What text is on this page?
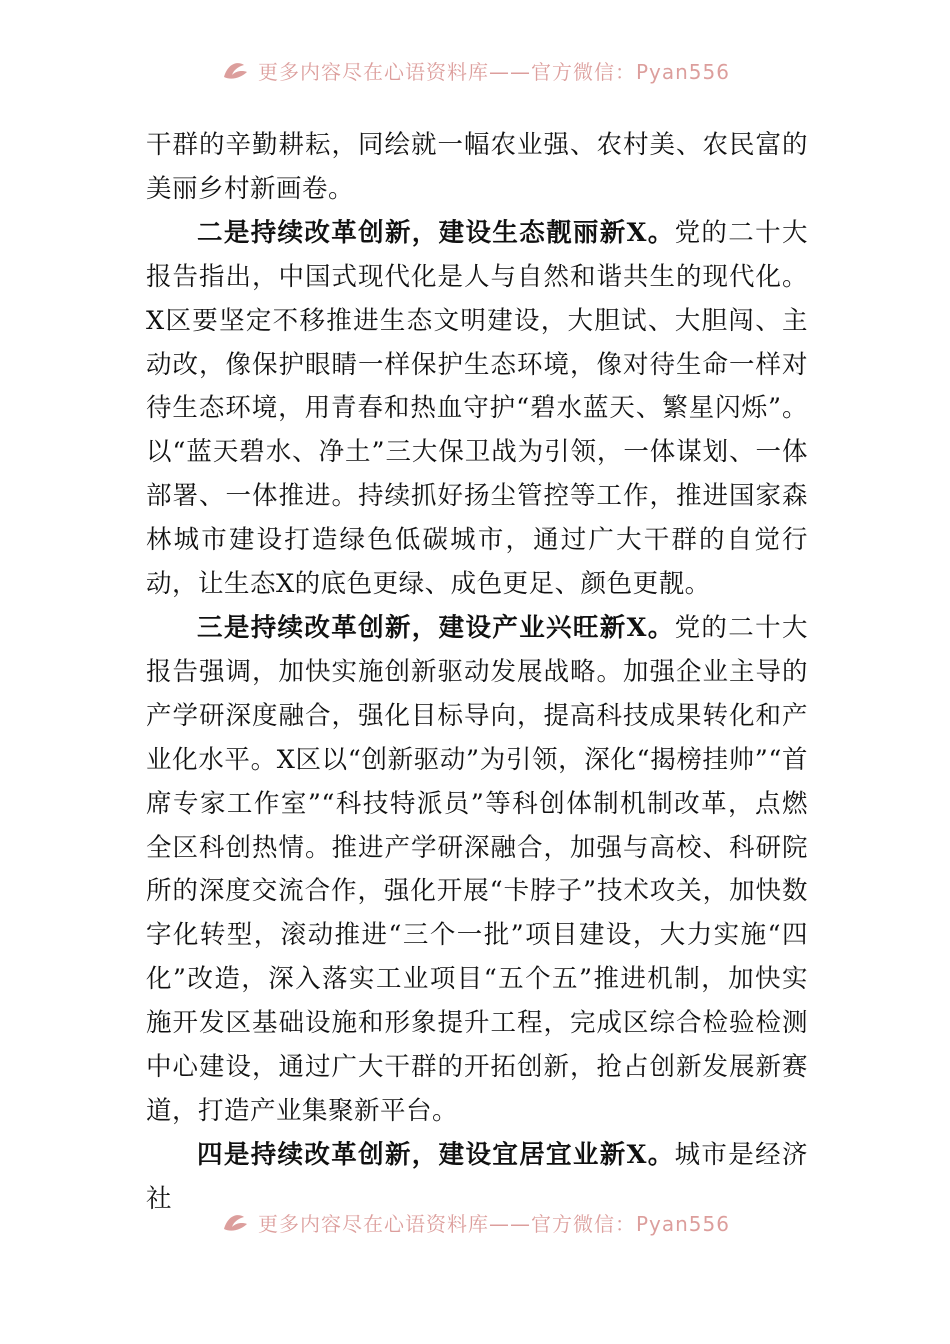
更多内容尽在心语资料库——官方微信：Pyan556

干群的辛勤耕耘，同绘就一幅农业强、农村美、农民富的美丽乡村新画卷。

二是持续改革创新，建设生态靓丽新X。党的二十大报告指出，中国式现代化是人与自然和谐共生的现代化。X区要坚定不移推进生态文明建设，大胆试、大胆闯、主动改，像保护眼睛一样保护生态环境，像对待生命一样对待生态环境，用青春和热血守护“碧水蓝天、繁星闪烁”。以“蓝天碧水、净土”三大保卫战为引领，一体谋划、一体部署、一体推进。持续抓好扬尘管控等工作，推进国家森林城市建设打造绿色低碳城市，通过广大干群的自觉行动，让生态X的底色更绿、成色更足、颜色更靓。

三是持续改革创新，建设产业兴旺新X。党的二十大报告强调，加快实施创新驱动发展战略。加强企业主导的产学研深度融合，强化目标导向，提高科技成果转化和产业化水平。X区以“创新驱动”为引领，深化“揭榜挂帅”“首席专家工作室”“科技特派员”等科创体制机制改革，点燃全区科创热情。推进产学研深融合，加强与高校、科研院所的深度交流合作，强化开展“卡脖子”技术攻关，加快数字化转型，滚动推进“三个一批”项目建设，大力实施“四化”改造，深入落实工业项目“五个五”推进机制，加快实施开发区基础设施和形象提升工程，完成区综合检验检测中心建设，通过广大干群的开拓创新，抢占创新发展新赛道，打造产业集聚新平台。

四是持续改革创新，建设宜居宜业新X。城市是经济社

更多内容尽在心语资料库——官方微信：Pyan556
